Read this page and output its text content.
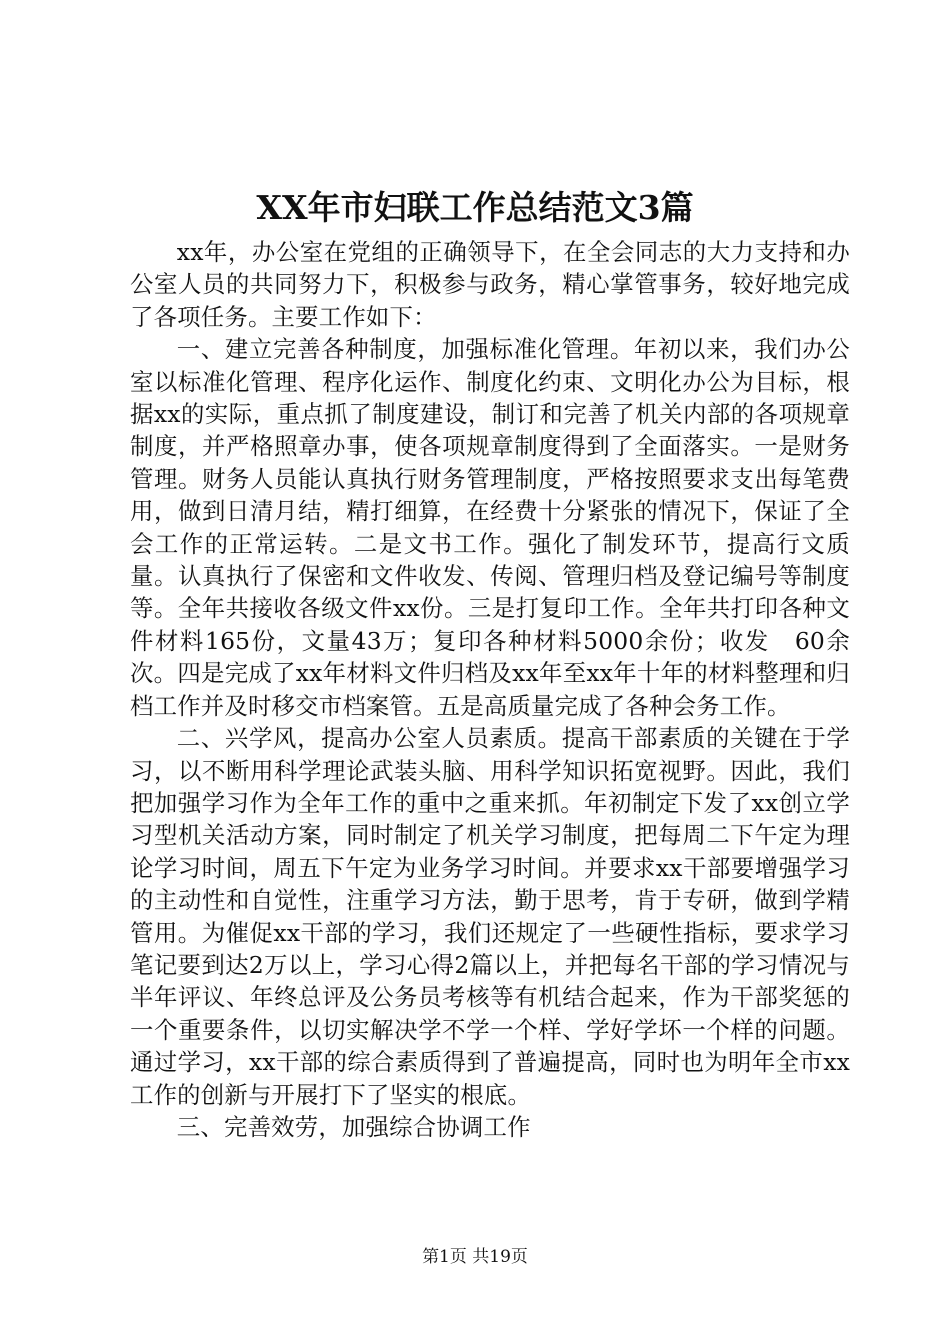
XX年市妇联工作总结范文3篇

xx年，办公室在党组的正确领导下，在全会同志的大力支持和办公室人员的共同努力下，积极参与政务，精心掌管事务，较好地完成了各项任务。主要工作如下：

一、建立完善各种制度，加强标准化管理。年初以来，我们办公室以标准化管理、程序化运作、制度化约束、文明化办公为目标，根据xx的实际，重点抓了制度建设，制订和完善了机关内部的各项规章制度，并严格照章办事，使各项规章制度得到了全面落实。一是财务管理。财务人员能认真执行财务管理制度，严格按照要求支出每笔费用，做到日清月结，精打细算，在经费十分紧张的情况下，保证了全会工作的正常运转。二是文书工作。强化了制发环节，提高行文质量。认真执行了保密和文件收发、传阅、管理归档及登记编号等制度等。全年共接收各级文件xx份。三是打复印工作。全年共打印各种文件材料165份，文量43万；复印各种材料5000余份；收发　60余次。四是完成了xx年材料文件归档及xx年至xx年十年的材料整理和归档工作并及时移交市档案管。五是高质量完成了各种会务工作。

二、兴学风，提高办公室人员素质。提高干部素质的关键在于学习，以不断用科学理论武装头脑、用科学知识拓宽视野。因此，我们把加强学习作为全年工作的重中之重来抓。年初制定下发了xx创立学习型机关活动方案，同时制定了机关学习制度，把每周二下午定为理论学习时间，周五下午定为业务学习时间。并要求xx干部要增强学习的主动性和自觉性，注重学习方法，勤于思考，肯于专研，做到学精管用。为催促xx干部的学习，我们还规定了一些硬性指标，要求学习笔记要到达2万以上，学习心得2篇以上，并把每名干部的学习情况与半年评议、年终总评及公务员考核等有机结合起来，作为干部奖惩的一个重要条件，以切实解决学不学一个样、学好学坏一个样的问题。通过学习，xx干部的综合素质得到了普遍提高，同时也为明年全市xx工作的创新与开展打下了坚实的根底。

三、完善效劳，加强综合协调工作

第1页 共19页
